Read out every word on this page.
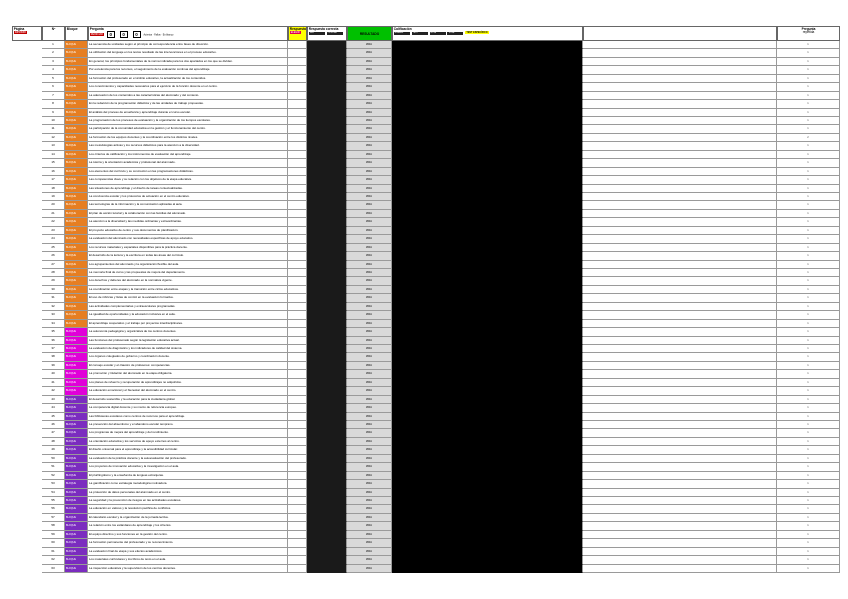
Página
IMPRIMIR
Nº	Bloque	Pregunta
REINICIAR 0 0 0 Aciertos · Fallos · En blanco
Respuesta
ELEGIR
Respuesta correcta
VER	OCULTAR	RESULTADO
Calificación
EXAMEN	TEST	NOTA	TOTAL	TEST ESPECÍFICO
Pregunta
repetida
1	BLOQUE	La secuencia de unidades según el principio de correspondencia entre fases de dirección.	#N/A	1
2	BLOQUE	La utilización del lenguaje en los textos resultado de las intervenciones en el proceso educativo.	#N/A	1
3	BLOQUE	En general, los principios fundamentales de la norma indicada para los dos apartados en los que se dividen.	#N/A	1
4	BLOQUE	Por excelencia para los recursos, el seguimiento de la evaluación continua del aprendizaje.	#N/A	1
5	BLOQUE	La formación del profesorado en el ámbito educativo, la actualización de los contenidos.	#N/A	1
6	BLOQUE	Los conocimientos y capacidades necesarios para el ejercicio de la función docente en el centro.	#N/A	1
7	BLOQUE	La adecuación de los contenidos a las características del alumnado y del contexto.	#N/A	1
8	BLOQUE	En la redacción de la programación didáctica y de las unidades de trabajo propuestas.	#N/A	1
9	BLOQUE	El análisis del proceso de enseñanza y aprendizaje durante el curso escolar.	#N/A	1
10	BLOQUE	La programación de los procesos de evaluación y la organización de los tiempos escolares.	#N/A	1
11	BLOQUE	La participación de la comunidad educativa en la gestión y el funcionamiento del centro.	#N/A	1
12	BLOQUE	La formación de los equipos docentes y la coordinación entre los distintos niveles.	#N/A	2
13	BLOQUE	Las metodologías activas y los recursos didácticos para la atención a la diversidad.	#N/A	1
14	BLOQUE	Los criterios de calificación y los instrumentos de evaluación del aprendizaje.	#N/A	1
15	BLOQUE	La tutoría y la orientación académica y profesional del alumnado.	#N/A	1
16	BLOQUE	Los elementos del currículo y su concreción en las programaciones didácticas.	#N/A	1
17	BLOQUE	Las competencias clave y su relación con los objetivos de la etapa educativa.	#N/A	1
18	BLOQUE	Las situaciones de aprendizaje y el diseño de tareas contextualizadas.	#N/A	1
19	BLOQUE	La convivencia escolar y los protocolos de actuación en el centro educativo.	#N/A	1
20	BLOQUE	Las tecnologías de la información y la comunicación aplicadas al aula.	#N/A	1
21	BLOQUE	El plan de acción tutorial y la colaboración con las familias del alumnado.	#N/A	1
22	BLOQUE	La atención a la diversidad y las medidas ordinarias y extraordinarias.	#N/A	1
23	BLOQUE	El proyecto educativo de centro y sus documentos de planificación.	#N/A	1
24	BLOQUE	La evaluación del alumnado con necesidades específicas de apoyo educativo.	#N/A	1
25	BLOQUE	Los recursos materiales y espaciales disponibles para la práctica docente.	#N/A	1
26	BLOQUE	El desarrollo de la lectura y la escritura en todas las áreas del currículo.	#N/A	1
27	BLOQUE	Los agrupamientos del alumnado y la organización flexible del aula.	#N/A	1
28	BLOQUE	La memoria final de curso y las propuestas de mejora del departamento.	#N/A	1
29	BLOQUE	Los derechos y deberes del alumnado en la normativa vigente.	#N/A	1
30	BLOQUE	La coordinación entre etapas y la transición entre ciclos educativos.	#N/A	1
31	BLOQUE	El uso de rúbricas y listas de control en la evaluación formativa.	#N/A	1
32	BLOQUE	Las actividades complementarias y extraescolares programadas.	#N/A	1
33	BLOQUE	La igualdad de oportunidades y la educación inclusiva en el aula.	#N/A	1
34	BLOQUE	El aprendizaje cooperativo y el trabajo por proyectos interdisciplinares.	#N/A	1
35	BLOQUE	La autonomía pedagógica y organizativa de los centros docentes.	#N/A	1
36	BLOQUE	Las funciones del profesorado según la legislación educativa actual.	#N/A	1
37	BLOQUE	La evaluación de diagnóstico y los indicadores de calidad del sistema.	#N/A	1
38	BLOQUE	Los órganos colegiados de gobierno y coordinación docente.	#N/A	1
39	BLOQUE	El consejo escolar y el claustro de profesores: competencias.	#N/A	1
40	BLOQUE	La promoción y titulación del alumnado en la etapa obligatoria.	#N/A	1
41	BLOQUE	Los planes de refuerzo y recuperación de aprendizajes no adquiridos.	#N/A	1
42	BLOQUE	La educación emocional y el bienestar del alumnado en el centro.	#N/A	1
43	BLOQUE	El desarrollo sostenible y la educación para la ciudadanía global.	#N/A	1
44	BLOQUE	La competencia digital docente y su marco de referencia europeo.	#N/A	1
45	BLOQUE	Las bibliotecas escolares como centros de recursos para el aprendizaje.	#N/A	1
46	BLOQUE	La prevención del absentismo y el abandono escolar temprano.	#N/A	1
47	BLOQUE	Los programas de mejora del aprendizaje y del rendimiento.	#N/A	1
48	BLOQUE	La orientación educativa y los servicios de apoyo externos al centro.	#N/A	1
49	BLOQUE	El diseño universal para el aprendizaje y la accesibilidad curricular.	#N/A	1
50	BLOQUE	La evaluación de la práctica docente y la autoevaluación del profesorado.	#N/A	1
51	BLOQUE	Los proyectos de innovación educativa y la investigación en el aula.	#N/A	1
52	BLOQUE	El plurilingüismo y la enseñanza de lenguas extranjeras.	#N/A	1
53	BLOQUE	La gamificación como estrategia metodológica motivadora.	#N/A	1
54	BLOQUE	La protección de datos personales del alumnado en el centro.	#N/A	1
55	BLOQUE	La seguridad y la prevención de riesgos en las actividades escolares.	#N/A	1
56	BLOQUE	La educación en valores y la resolución pacífica de conflictos.	#N/A	1
57	BLOQUE	El calendario escolar y la organización de la jornada lectiva.	#N/A	1
58	BLOQUE	La relación entre los estándares de aprendizaje y los criterios.	#N/A	1
59	BLOQUE	El equipo directivo y sus funciones en la gestión del centro.	#N/A	1
60	BLOQUE	La formación permanente del profesorado y su reconocimiento.	#N/A	1
61	BLOQUE	La evaluación final de etapa y sus efectos académicos.	#N/A	1
62	BLOQUE	Los materiales curriculares y los libros de texto en el aula.	#N/A	1
63	BLOQUE	La inspección educativa y la supervisión de los centros docentes.	#N/A	1
